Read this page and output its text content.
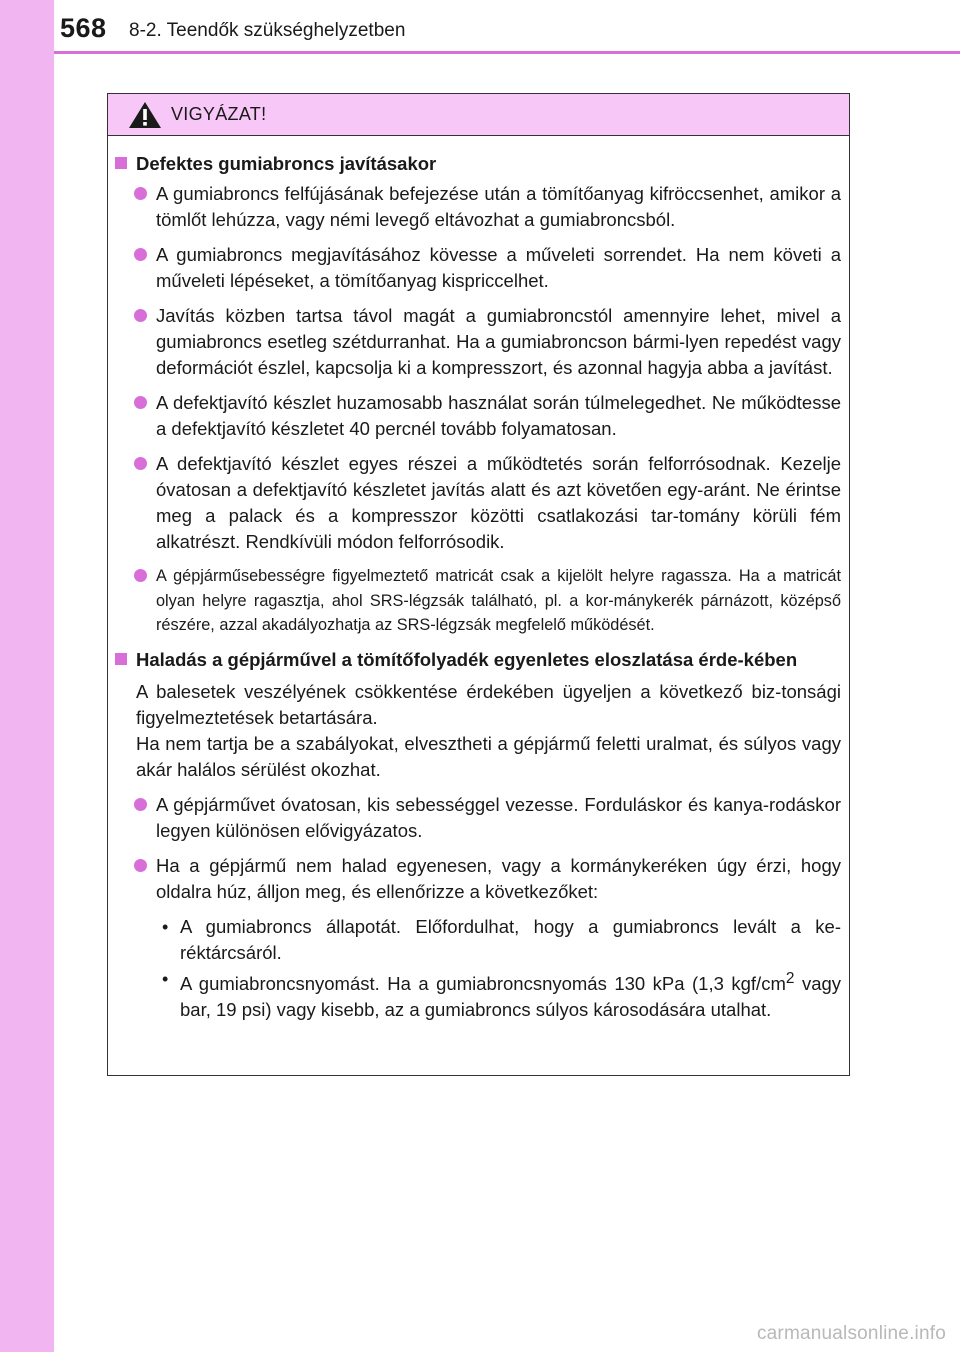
568 8-2. Teendők szükséghelyzetben
VIGYÁZAT!
Defektes gumiabroncs javításakor
A gumiabroncs felfújásának befejezése után a tömítőanyag kifröccsenhet, amikor a tömlőt lehúzza, vagy némi levegő eltávozhat a gumiabroncsból.
A gumiabroncs megjavításához kövesse a műveleti sorrendet. Ha nem követi a műveleti lépéseket, a tömítőanyag kispriccelhet.
Javítás közben tartsa távol magát a gumiabroncstól amennyire lehet, mivel a gumiabroncs esetleg szétdurranhat. Ha a gumiabroncson bármi-lyen repedést vagy deformációt észlel, kapcsolja ki a kompresszort, és azonnal hagyja abba a javítást.
A defektjavító készlet huzamosabb használat során túlmelegedhet. Ne működtesse a defektjavító készletet 40 percnél tovább folyamatosan.
A defektjavító készlet egyes részei a működtetés során felforrósodnak. Kezelje óvatosan a defektjavító készletet javítás alatt és azt követően egy-aránt. Ne érintse meg a palack és a kompresszor közötti csatlakozási tar-tomány körüli fém alkatrészt. Rendkívüli módon felforrósodik.
A gépjárműsebességre figyelmeztető matricát csak a kijelölt helyre ragassza. Ha a matricát olyan helyre ragasztja, ahol SRS-légzsák található, pl. a kor-mánykerék párnázott, középső részére, azzal akadályozhatja az SRS-légzsák megfelelő működését.
Haladás a gépjárművel a tömítőfolyadék egyenletes eloszlatása érde-kében
A balesetek veszélyének csökkentése érdekében ügyeljen a következő biz-tonsági figyelmeztetések betartására.
Ha nem tartja be a szabályokat, elvesztheti a gépjármű feletti uralmat, és súlyos vagy akár halálos sérülést okozhat.
A gépjárművet óvatosan, kis sebességgel vezesse. Forduláskor és kanya-rodáskor legyen különösen elővigyázatos.
Ha a gépjármű nem halad egyenesen, vagy a kormánykeréken úgy érzi, hogy oldalra húz, álljon meg, és ellenőrizze a következőket:
• A gumiabroncs állapotát. Előfordulhat, hogy a gumiabroncs levált a ke-réktárcsáról.
• A gumiabroncsnyomást. Ha a gumiabroncsnyomás 130 kPa (1,3 kgf/$cm^2$ vagy bar, 19 psi) vagy kisebb, az a gumiabroncs súlyos károsodására utalhat.
carmanualsonline.info
